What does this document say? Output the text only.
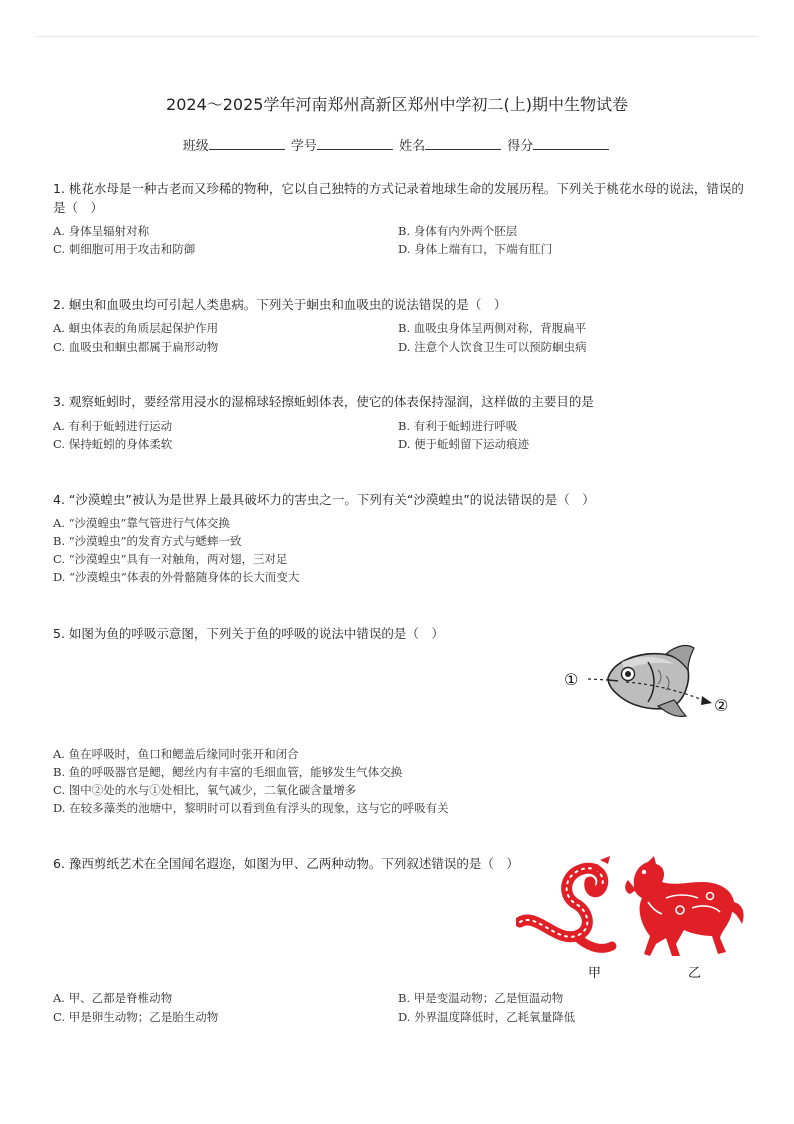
2024～2025学年河南郑州高新区郑州中学初二(上)期中生物试卷
班级	学号	姓名	得分
1. 桃花水母是一种古老而又珍稀的物种，它以自己独特的方式记录着地球生命的发展历程。下列关于桃花水母的说法，错误的是（　）
A. 身体呈辐射对称	B. 身体有内外两个胚层
C. 刺细胞可用于攻击和防御	D. 身体上端有口，下端有肛门
2. 蛔虫和血吸虫均可引起人类患病。下列关于蛔虫和血吸虫的说法错误的是（　）
A. 蛔虫体表的角质层起保护作用	B. 血吸虫身体呈两侧对称，背腹扁平
C. 血吸虫和蛔虫都属于扁形动物	D. 注意个人饮食卫生可以预防蛔虫病
3. 观察蚯蚓时，要经常用浸水的湿棉球轻擦蚯蚓体表，使它的体表保持湿润，这样做的主要目的是
A. 有利于蚯蚓进行运动	B. 有利于蚯蚓进行呼吸
C. 保持蚯蚓的身体柔软	D. 便于蚯蚓留下运动痕迹
4. “沙漠蝗虫”被认为是世界上最具破坏力的害虫之一。下列有关“沙漠蝗虫”的说法错误的是（　）
A. “沙漠蝗虫”靠气管进行气体交换
B. “沙漠蝗虫”的发育方式与蟋蟀一致
C. “沙漠蝗虫”具有一对触角，两对翅，三对足
D. “沙漠蝗虫”体表的外骨骼随身体的长大而变大
5. 如图为鱼的呼吸示意图，下列关于鱼的呼吸的说法中错误的是（　）
①
②
A. 鱼在呼吸时，鱼口和鳃盖后缘同时张开和闭合
B. 鱼的呼吸器官是鳃，鳃丝内有丰富的毛细血管，能够发生气体交换
C. 图中②处的水与①处相比，氧气减少，二氧化碳含量增多
D. 在较多藻类的池塘中，黎明时可以看到鱼有浮头的现象，这与它的呼吸有关
6. 豫西剪纸艺术在全国闻名遐迩，如图为甲、乙两种动物。下列叙述错误的是（　）
甲	乙
A. 甲、乙都是脊椎动物	B. 甲是变温动物；乙是恒温动物
C. 甲是卵生动物；乙是胎生动物	D. 外界温度降低时，乙耗氧量降低
